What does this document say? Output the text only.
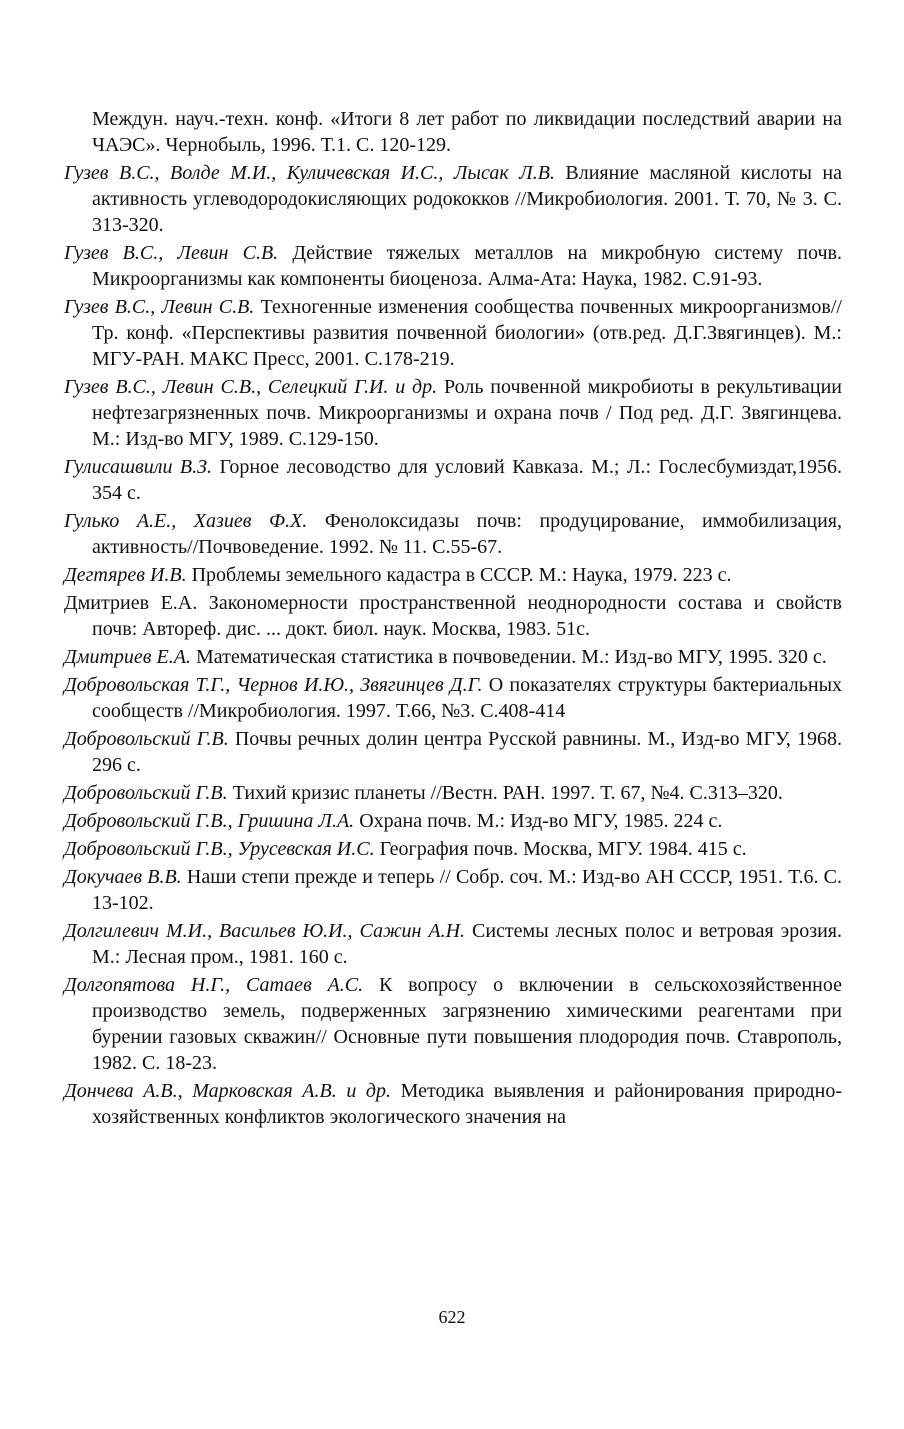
Междун. науч.-техн. конф. «Итоги 8 лет работ по ликвидации последствий аварии на ЧАЭС». Чернобыль, 1996. Т.1. С. 120-129.

Гузев В.С., Волде М.И., Куличевская И.С., Лысак Л.В. Влияние масляной кислоты на активность углеводородокисляющих родококков //Микробиология. 2001. Т. 70, № 3. С. 313-320.

Гузев В.С., Левин С.В. Действие тяжелых металлов на микробную систему почв. Микроорганизмы как компоненты биоценоза. Алма-Ата: Наука, 1982. С.91-93.

Гузев В.С., Левин С.В. Техногенные изменения сообщества почвенных микроорганизмов// Тр. конф. «Перспективы развития почвенной биологии» (отв.ред. Д.Г.Звягинцев). М.: МГУ-РАН. МАКС Пресс, 2001. С.178-219.

Гузев В.С., Левин С.В., Селецкий Г.И. и др. Роль почвенной микробиоты в рекультивации нефтезагрязненных почв. Микроорганизмы и охрана почв / Под ред. Д.Г. Звягинцева. М.: Изд-во МГУ, 1989. С.129-150.

Гулисашвили В.З. Горное лесоводство для условий Кавказа. М.; Л.: Гослесбумиздат,1956. 354 с.

Гулько А.Е., Хазиев Ф.Х. Фенолоксидазы почв: продуцирование, иммобилизация, активность//Почвоведение. 1992. № 11. С.55-67.

Дегтярев И.В. Проблемы земельного кадастра в СССР. М.: Наука, 1979. 223 с.

Дмитриев Е.А. Закономерности пространственной неоднородности состава и свойств почв: Автореф. дис. ... докт. биол. наук. Москва, 1983. 51с.

Дмитриев Е.А. Математическая статистика в почвоведении. М.: Изд-во МГУ, 1995. 320 с.

Добровольская Т.Г., Чернов И.Ю., Звягинцев Д.Г. О показателях структуры бактериальных сообществ //Микробиология. 1997. Т.66, №3. С.408-414

Добровольский Г.В. Почвы речных долин центра Русской равнины. М., Изд-во МГУ, 1968. 296 с.

Добровольский Г.В. Тихий кризис планеты //Вестн. РАН. 1997. Т. 67, №4. С.313–320.

Добровольский Г.В., Гришина Л.А. Охрана почв. М.: Изд-во МГУ, 1985. 224 с.

Добровольский Г.В., Урусевская И.С. География почв. Москва, МГУ. 1984. 415 с.

Докучаев В.В. Наши степи прежде и теперь // Собр. соч. М.: Изд-во АН СССР, 1951. Т.6. С. 13-102.

Долгилевич М.И., Васильев Ю.И., Сажин А.Н. Системы лесных полос и ветровая эрозия. М.: Лесная пром., 1981. 160 с.

Долгопятова Н.Г., Сатаев А.С. К вопросу о включении в сельскохозяйственное производство земель, подверженных загрязнению химическими реагентами при бурении газовых скважин// Основные пути повышения плодородия почв. Ставрополь, 1982. С. 18-23.

Дончева А.В., Марковская А.В. и др. Методика выявления и районирования природно-хозяйственных конфликтов экологического значения на

622
